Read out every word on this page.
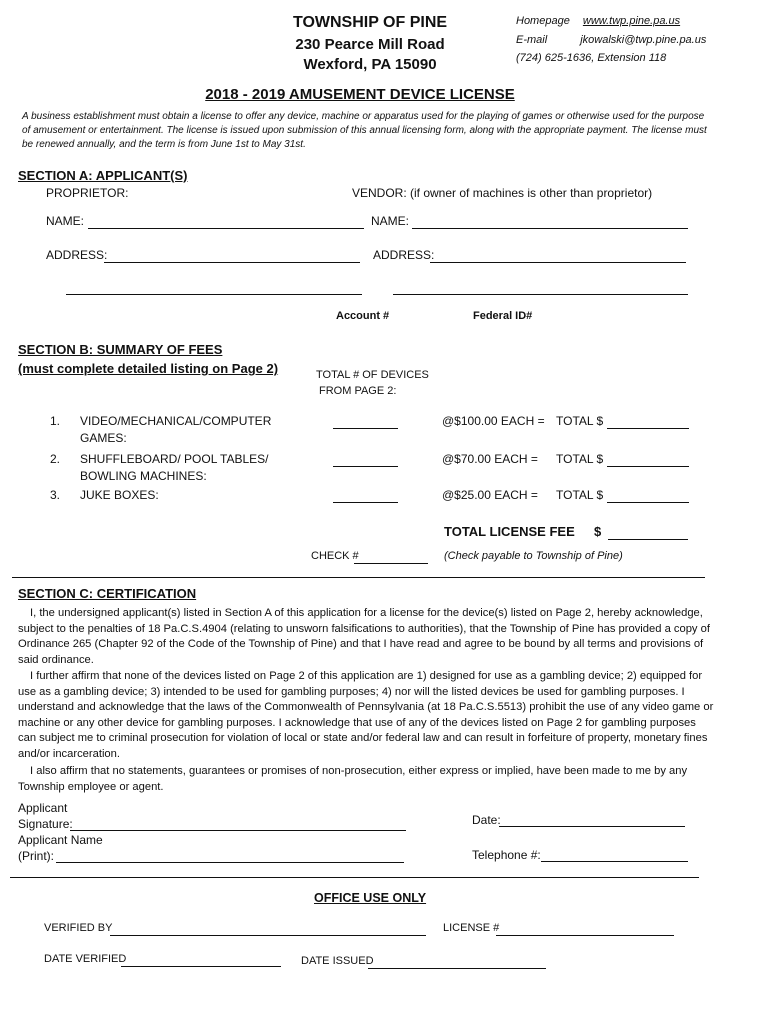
TOWNSHIP OF PINE
230 Pearce Mill Road
Wexford, PA 15090
Homepage www.twp.pine.pa.us
E-mail	jkowalski@twp.pine.pa.us
(724) 625-1636, Extension 118
2018 - 2019 AMUSEMENT DEVICE LICENSE
A business establishment must obtain a license to offer any device, machine or apparatus used for the playing of games or otherwise used for the purpose of amusement or entertainment. The license is issued upon submission of this annual licensing form, along with the appropriate payment. The license must be renewed annually, and the term is from June 1st to May 31st.
SECTION A: APPLICANT(S)
PROPRIETOR:	VENDOR: (if owner of machines is other than proprietor)
NAME:	NAME:
ADDRESS:	ADDRESS:
Account #	Federal ID#
SECTION B: SUMMARY OF FEES
(must complete detailed listing on Page 2)	TOTAL # OF DEVICES
FROM PAGE 2:
1. VIDEO/MECHANICAL/COMPUTER
GAMES:
@$100.00 EACH = TOTAL $
2. SHUFFLEBOARD/ POOL TABLES/
BOWLING MACHINES:
@$70.00 EACH = TOTAL $
3. JUKE BOXES:	@$25.00 EACH = TOTAL $
TOTAL LICENSE FEE $
CHECK #	(Check payable to Township of Pine)
SECTION C: CERTIFICATION
I, the undersigned applicant(s) listed in Section A of this application for a license for the device(s) listed on Page 2, hereby acknowledge, subject to the penalties of 18 Pa.C.S.4904 (relating to unsworn falsifications to authorities), that the Township of Pine has provided a copy of Ordinance 265 (Chapter 92 of the Code of the Township of Pine) and that I have read and agree to be bound by all terms and provisions of said ordinance.
I further affirm that none of the devices listed on Page 2 of this application are 1) designed for use as a gambling device; 2) equipped for use as a gambling device; 3) intended to be used for gambling purposes; 4) nor will the listed devices be used for gambling purposes. I understand and acknowledge that the laws of the Commonwealth of Pennsylvania (at 18 Pa.C.S.5513) prohibit the use of any video game or machine or any other device for gambling purposes. I acknowledge that use of any of the devices listed on Page 2 for gambling purposes can subject me to criminal prosecution for violation of local or state and/or federal law and can result in forfeiture of property, monetary fines and/or incarceration.
I also affirm that no statements, guarantees or promises of non-prosecution, either express or implied, have been made to me by any Township employee or agent.
Applicant
Signature:	Date:
Applicant Name
(Print):	Telephone #:
OFFICE USE ONLY
VERIFIED BY	LICENSE #
DATE VERIFIED	DATE ISSUED
